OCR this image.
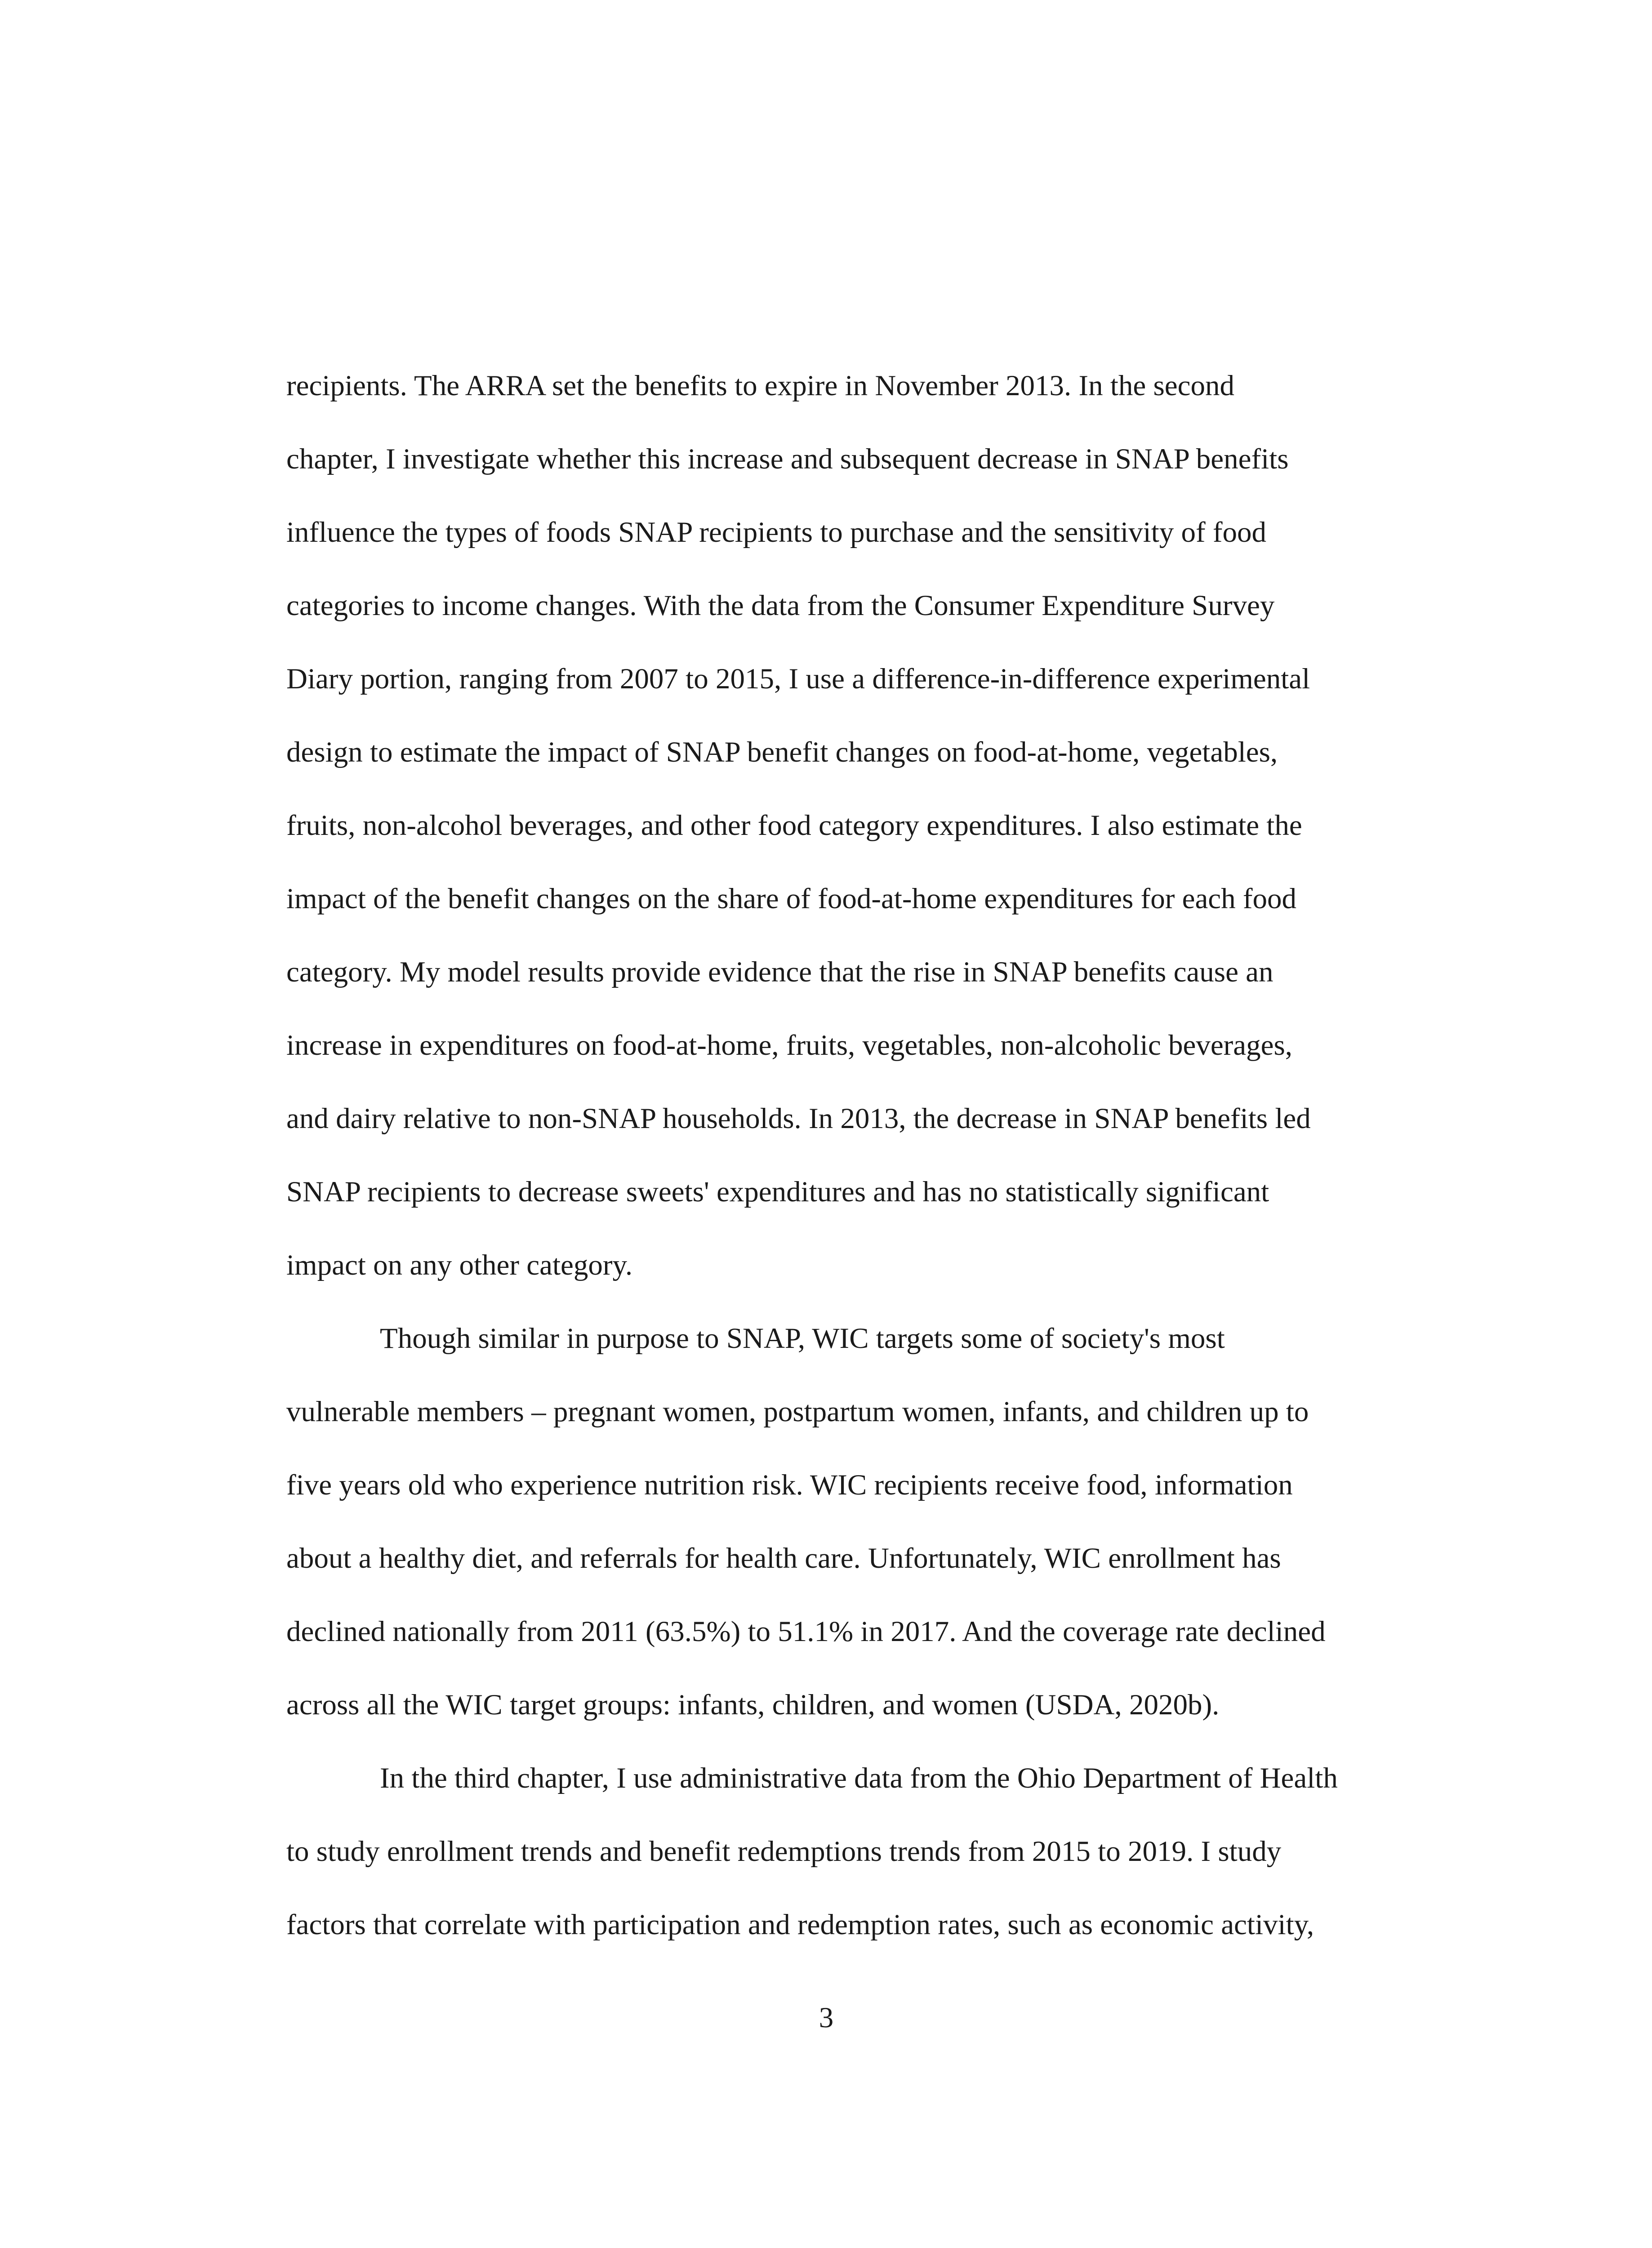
recipients. The ARRA set the benefits to expire in November 2013. In the second
chapter, I investigate whether this increase and subsequent decrease in SNAP benefits
influence the types of foods SNAP recipients to purchase and the sensitivity of food
categories to income changes. With the data from the Consumer Expenditure Survey
Diary portion, ranging from 2007 to 2015, I use a difference-in-difference experimental
design to estimate the impact of SNAP benefit changes on food-at-home, vegetables,
fruits, non-alcohol beverages, and other food category expenditures. I also estimate the
impact of the benefit changes on the share of food-at-home expenditures for each food
category. My model results provide evidence that the rise in SNAP benefits cause an
increase in expenditures on food-at-home, fruits, vegetables, non-alcoholic beverages,
and dairy relative to non-SNAP households. In 2013, the decrease in SNAP benefits led
SNAP recipients to decrease sweets' expenditures and has no statistically significant
impact on any other category.
Though similar in purpose to SNAP, WIC targets some of society's most
vulnerable members – pregnant women, postpartum women, infants, and children up to
five years old who experience nutrition risk. WIC recipients receive food, information
about a healthy diet, and referrals for health care. Unfortunately, WIC enrollment has
declined nationally from 2011 (63.5%) to 51.1% in 2017. And the coverage rate declined
across all the WIC target groups: infants, children, and women (USDA, 2020b).
In the third chapter, I use administrative data from the Ohio Department of Health
to study enrollment trends and benefit redemptions trends from 2015 to 2019. I study
factors that correlate with participation and redemption rates, such as economic activity,
3
